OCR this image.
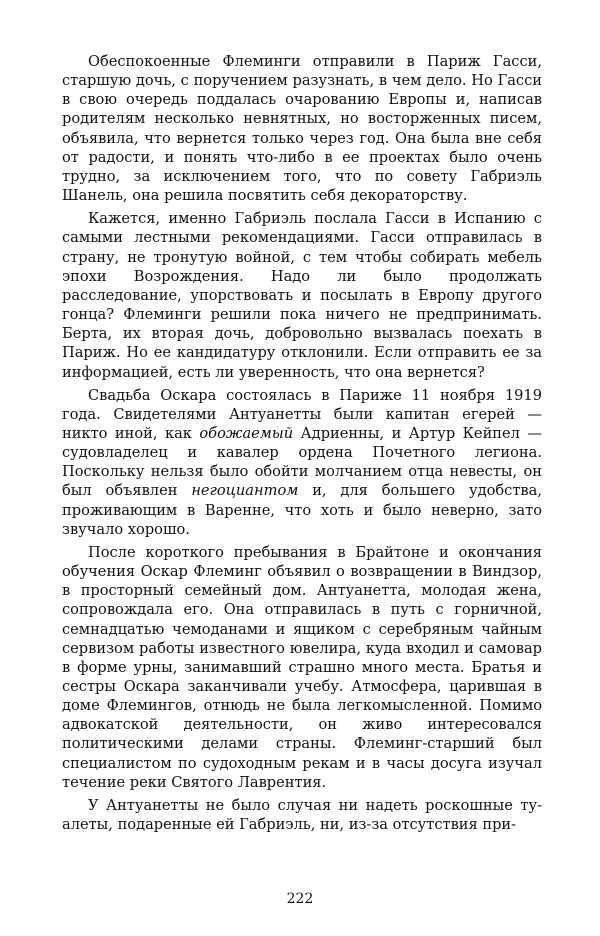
Обеспокоенные Флеминги отправили в Париж Гасси, старшую дочь, с поручением разузнать, в чем дело. Но Гасси в свою очередь поддалась очарованию Европы и, написав родителям несколько невнятных, но восторженных писем, объявила, что вернется только через год. Она была вне себя от радости, и понять что-либо в ее проектах было очень трудно, за исключением того, что по совету Габриэль Шанель, она решила посвятить себя декораторству.

Кажется, именно Габриэль послала Гасси в Испанию с самыми лестными рекомендациями. Гасси отправилась в страну, не тронутую войной, с тем чтобы собирать мебель эпохи Возрождения. Надо ли было продолжать расследование, упорствовать и посылать в Европу другого гонца? Флеминги решили пока ничего не предпринимать. Берта, их вторая дочь, добровольно вызвалась поехать в Париж. Но ее кандидатуру отклонили. Если отправить ее за информацией, есть ли уверенность, что она вернется?

Свадьба Оскара состоялась в Париже 11 ноября 1919 года. Свидетелями Антуанетты были капитан егерей — никто иной, как обожаемый Адриенны, и Артур Кейпел — судовладелец и кавалер ордена Почетного легиона. Поскольку нельзя было обойти молчанием отца невесты, он был объявлен негоциантом и, для большего удобства, проживающим в Варенне, что хоть и было неверно, зато звучало хорошо.

После короткого пребывания в Брайтоне и окончания обучения Оскар Флеминг объявил о возвращении в Виндзор, в просторный семейный дом. Антуанетта, молодая жена, сопровождала его. Она отправилась в путь с горничной, семнадцатью чемоданами и ящиком с серебряным чайным сервизом работы известного ювелира, куда входил и самовар в форме урны, занимавший страшно много места. Братья и сестры Оскара заканчивали учебу. Атмосфера, царившая в доме Флемингов, отнюдь не была легкомысленной. Помимо адвокатской деятельности, он живо интересовался политическими делами страны. Флеминг-старший был специалистом по судоходным рекам и в часы досуга изучал течение реки Святого Лаврентия.

У Антуанетты не было случая ни надеть роскошные туалеты, подаренные ей Габриэль, ни, из-за отсутствия при-

222
